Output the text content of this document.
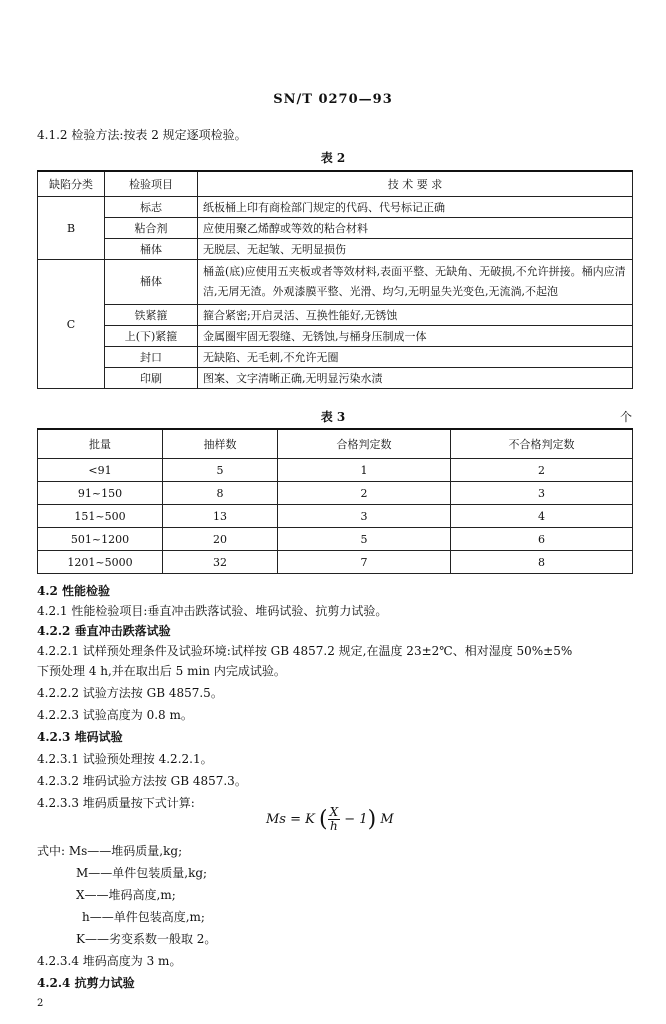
SN/T 0270—93
4.1.2 检验方法:按表 2 规定逐项检验。
表 2
缺陷分类	检验项目	技 术 要 求
B	标志	纸板桶上印有商检部门规定的代码、代号标记正确
	粘合剂	应使用聚乙烯醇或等效的粘合材料
	桶体	无脱层、无起皱、无明显损伤
C	桶体	桶盖(底)应使用五夹板或者等效材料,表面平整、无缺角、无破损,不允许拼接。桶内应清洁,无屑无渣。外观漆膜平整、光滑、均匀,无明显失光变色,无流淌,不起泡
	铁紧箍	箍合紧密;开启灵活、互换性能好,无锈蚀
	上(下)紧箍	金属圈牢固无裂缝、无锈蚀,与桶身压制成一体
	封口	无缺陷、无毛刺,不允许无圈
	印刷	图案、文字清晰正确,无明显污染水渍
表 3	个
批量	抽样数	合格判定数	不合格判定数
<91	5	1	2
91~150	8	2	3
151~500	13	3	4
501~1200	20	5	6
1201~5000	32	7	8
4.2 性能检验
4.2.1 性能检验项目:垂直冲击跌落试验、堆码试验、抗剪力试验。
4.2.2 垂直冲击跌落试验
4.2.2.1 试样预处理条件及试验环境:试样按 GB 4857.2 规定,在温度 23±2℃、相对湿度 50%±5%
下预处理 4 h,并在取出后 5 min 内完成试验。
4.2.2.2 试验方法按 GB 4857.5。
4.2.2.3 试验高度为 0.8 m。
4.2.3 堆码试验
4.2.3.1 试验预处理按 4.2.2.1。
4.2.3.2 堆码试验方法按 GB 4857.3。
4.2.3.3 堆码质量按下式计算:
Ms = K ( $\frac{X}{h} - 1$) M
式中: Ms——堆码质量,kg;
M——单件包装质量,kg;
X——堆码高度,m;
h——单件包装高度,m;
K——劣变系数一般取 2。
4.2.3.4 堆码高度为 3 m。
4.2.4 抗剪力试验
2
